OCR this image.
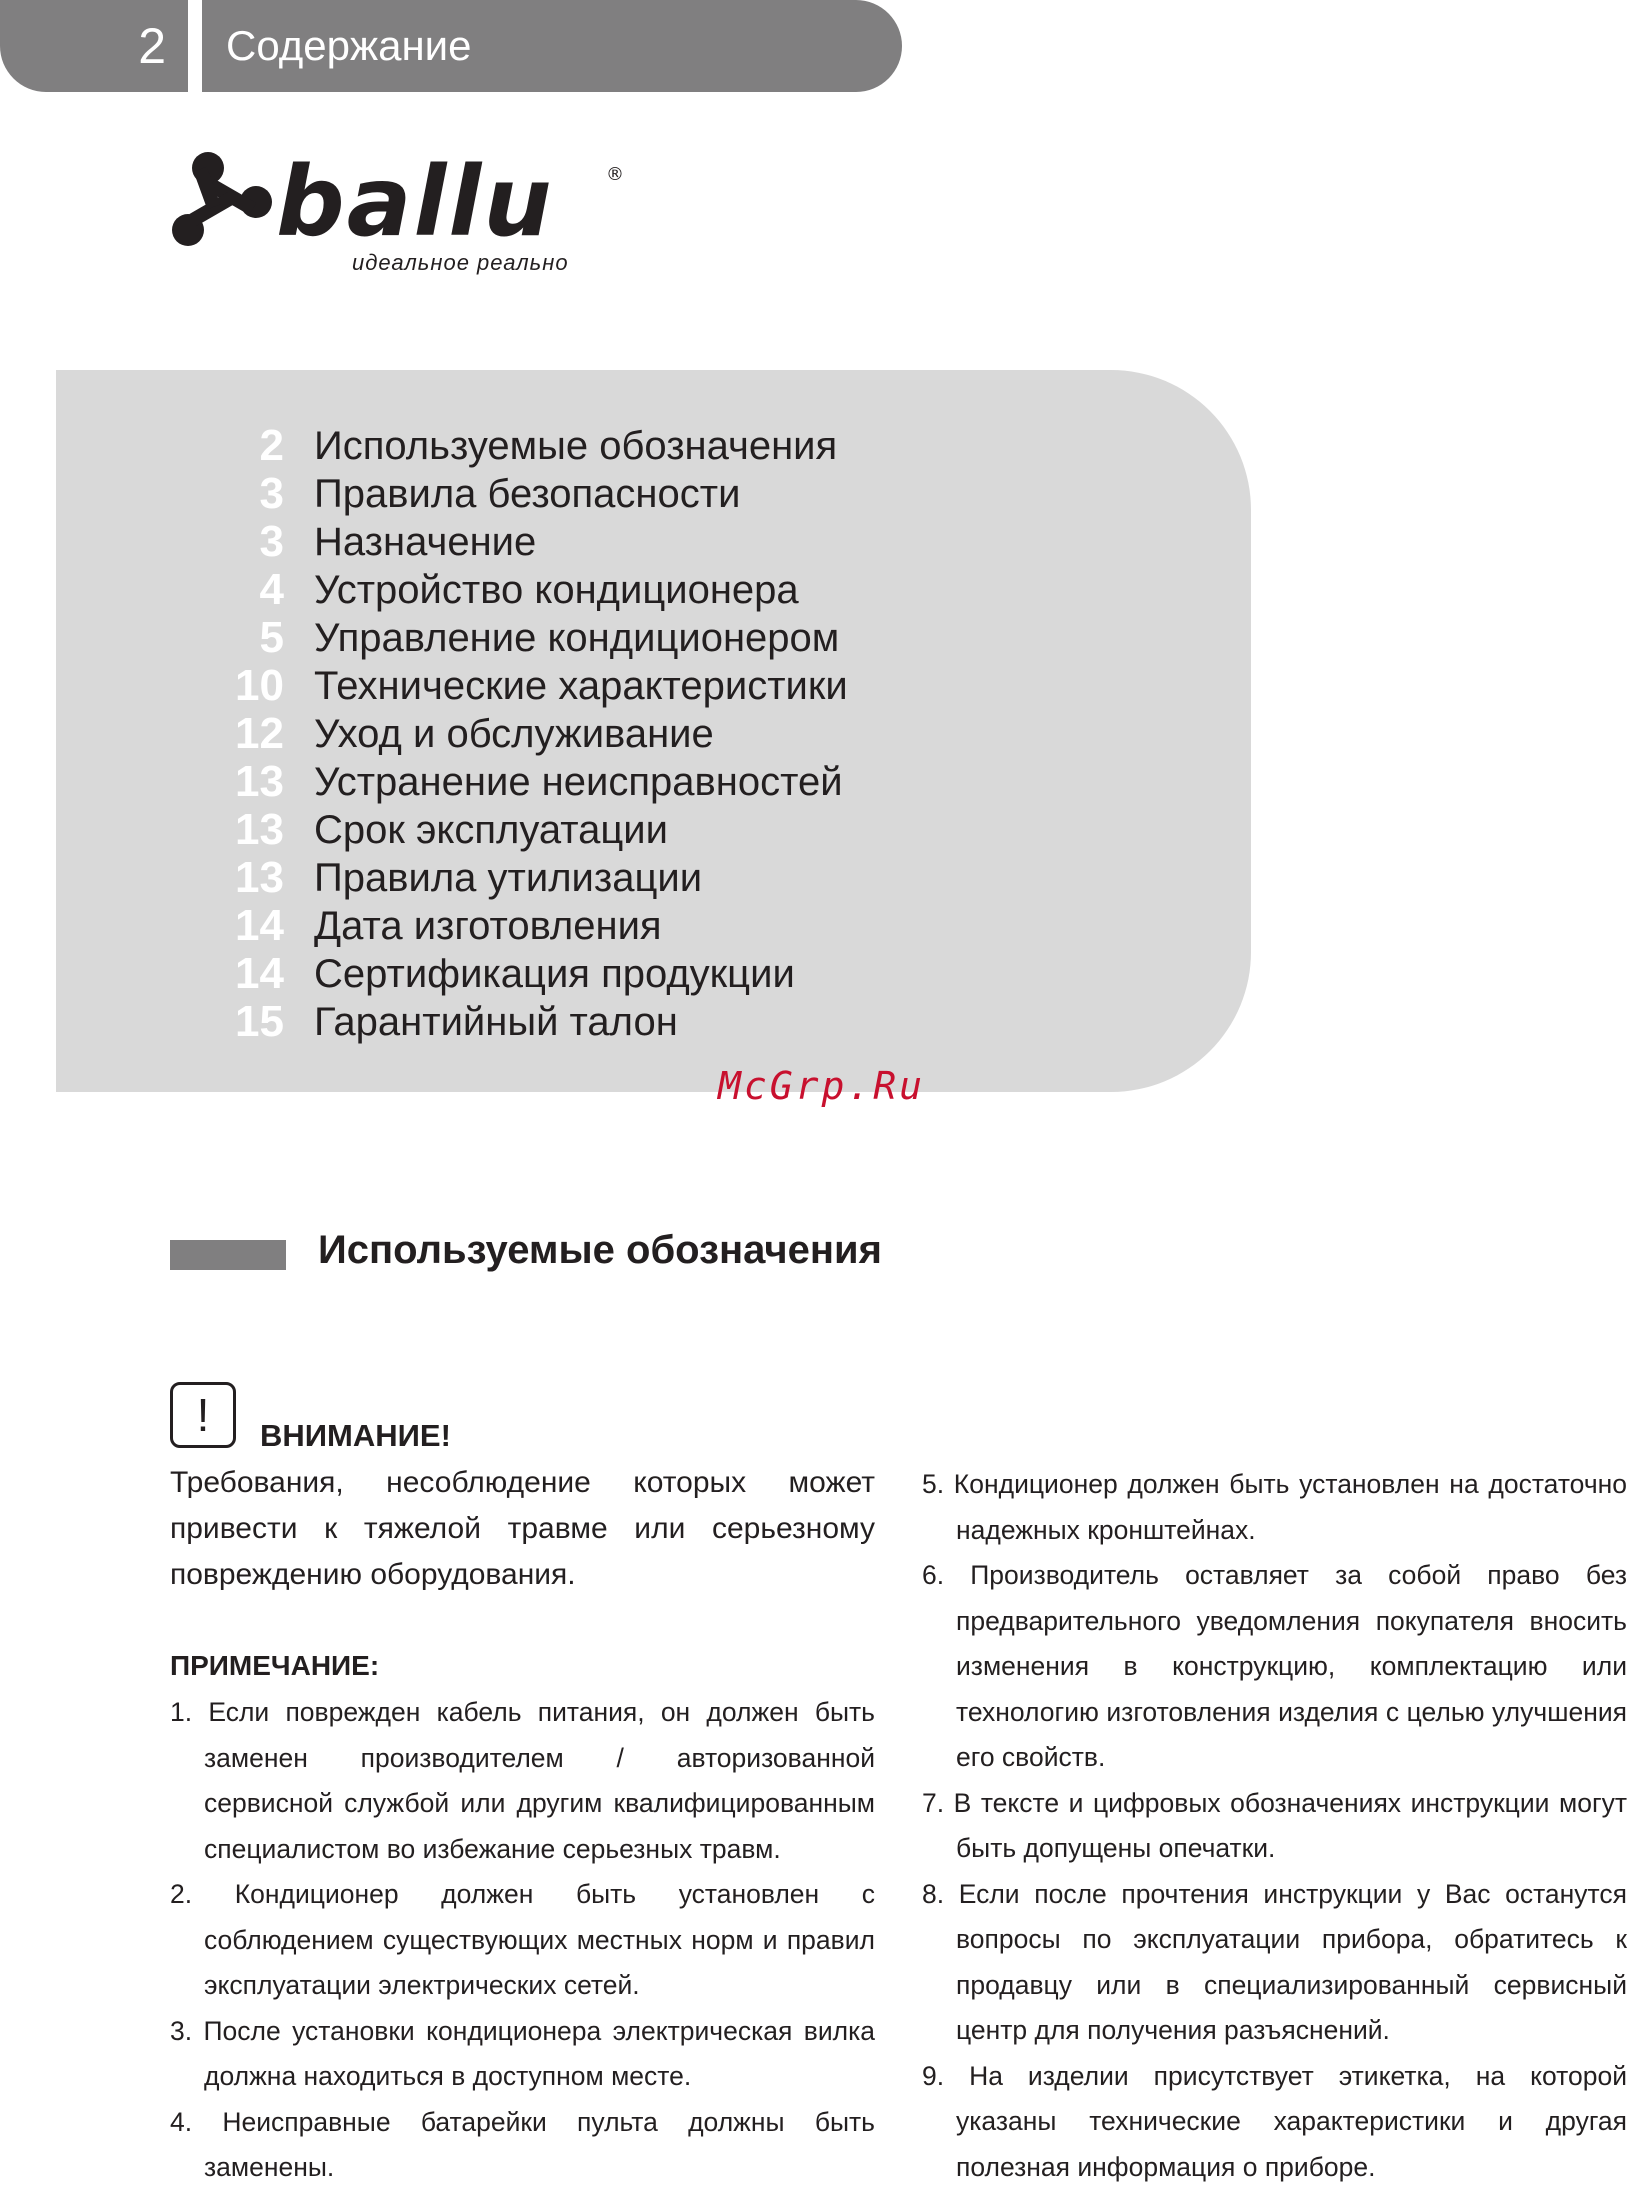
2 Содержание
ballu	®
идеальное реально
2 Используемые обозначения
3 Правила безопасности
3 Назначение
4 Устройство кондиционера
5 Управление кондиционером
10 Технические характеристики
12 Уход и обслуживание
13 Устранение неисправностей
13 Срок эксплуатации
13 Правила утилизации
14 Дата изготовления
14 Сертификация продукции
15 Гарантийный талон
McGrp.Ru
Используемые обозначения
!	ВНИМАНИЕ!

Требования, несоблюдение которых может привести к тяжелой травме или серьезному повреждению оборудования.

ПРИМЕЧАНИЕ:
1. Если поврежден кабель питания, он должен быть заменен производителем / авторизованной сервисной службой или другим квалифицированным специалистом во избежание серьезных травм.
2. Кондиционер должен быть установлен с соблюдением существующих местных норм и правил эксплуатации электрических сетей.
3. После установки кондиционера электрическая вилка должна находиться в доступном месте.
4. Неисправные батарейки пульта должны быть заменены.
5. Кондиционер должен быть установлен на достаточно надежных кронштейнах.
6. Производитель оставляет за собой право без предварительного уведомления покупателя вносить изменения в конструкцию, комплектацию или технологию изготовления изделия с целью улучшения его свойств.
7. В тексте и цифровых обозначениях инструкции могут быть допущены опечатки.
8. Если после прочтения инструкции у Вас останутся вопросы по эксплуатации прибора, обратитесь к продавцу или в специализированный сервисный центр для получения разъяснений.
9. На изделии присутствует этикетка, на которой указаны технические характеристики и другая полезная информация о приборе.
